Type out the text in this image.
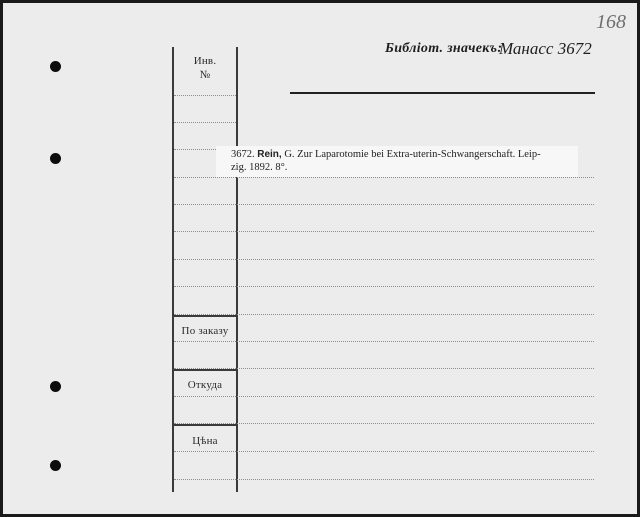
168
Библіот. значекъ:
Манасс 3672
Инв.
№
По заказу
Откуда
Цѣна
3672. Rein, G. Zur Laparotomie bei Extra-uterin-Schwangerschaft. Leip-
zig. 1892. 8°.
